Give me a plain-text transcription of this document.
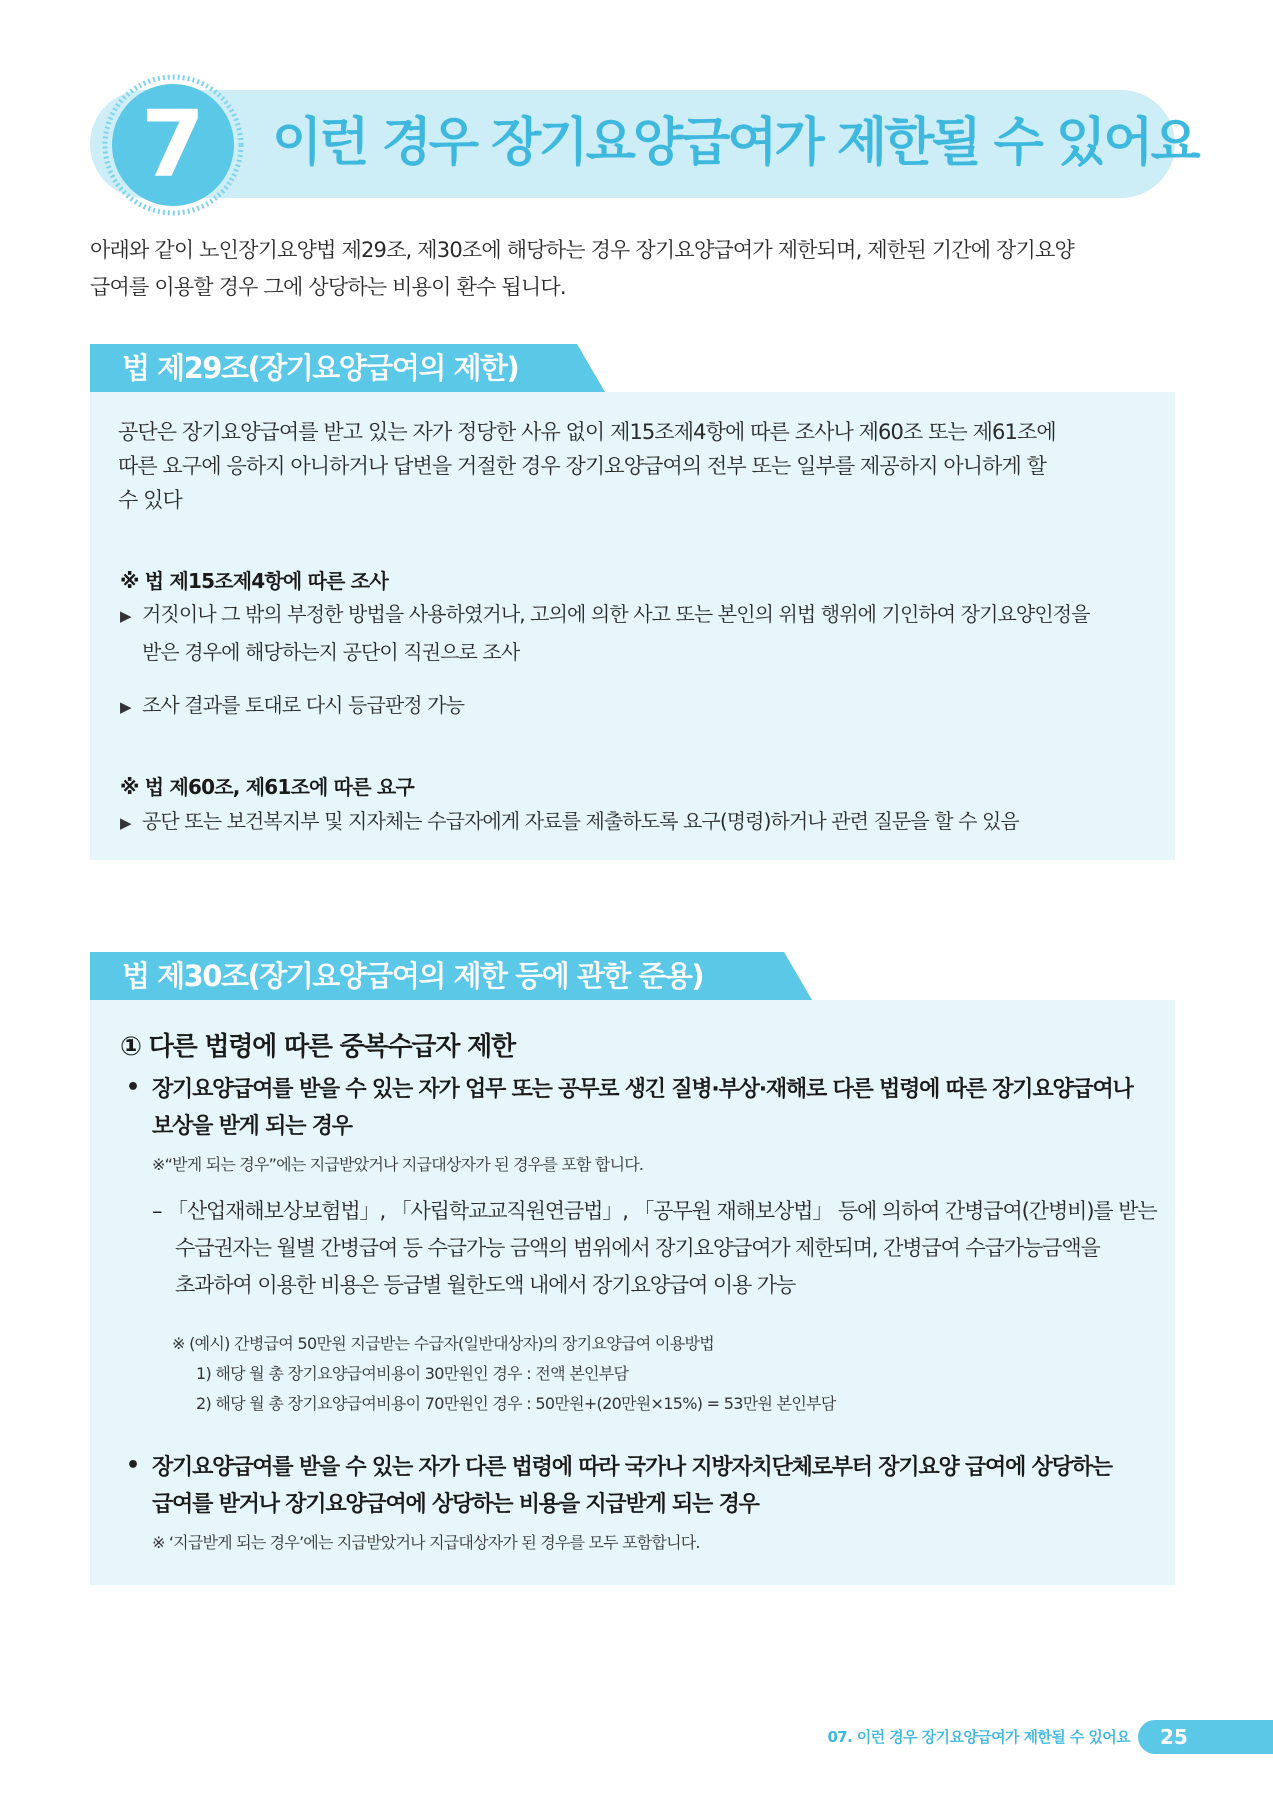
7	이런 경우 장기요양급여가 제한될 수 있어요
아래와 같이 노인장기요양법 제29조, 제30조에 해당하는 경우 장기요양급여가 제한되며, 제한된 기간에 장기요양
급여를 이용할 경우 그에 상당하는 비용이 환수 됩니다.
법 제29조(장기요양급여의 제한)
공단은 장기요양급여를 받고 있는 자가 정당한 사유 없이 제15조제4항에 따른 조사나 제60조 또는 제61조에
따른 요구에 응하지 아니하거나 답변을 거절한 경우 장기요양급여의 전부 또는 일부를 제공하지 아니하게 할
수 있다
※ 법 제15조제4항에 따른 조사
▶ 거짓이나 그 밖의 부정한 방법을 사용하였거나, 고의에 의한 사고 또는 본인의 위법 행위에 기인하여 장기요양인정을
받은 경우에 해당하는지 공단이 직권으로 조사
▶ 조사 결과를 토대로 다시 등급판정 가능
※ 법 제60조, 제61조에 따른 요구
▶ 공단 또는 보건복지부 및 지자체는 수급자에게 자료를 제출하도록 요구(명령)하거나 관련 질문을 할 수 있음
법 제30조(장기요양급여의 제한 등에 관한 준용)
① 다른 법령에 따른 중복수급자 제한
• 장기요양급여를 받을 수 있는 자가 업무 또는 공무로 생긴 질병·부상·재해로 다른 법령에 따른 장기요양급여나
보상을 받게 되는 경우
※“받게 되는 경우”에는 지급받았거나 지급대상자가 된 경우를 포함 합니다.
– 「산업재해보상보험법」, 「사립학교교직원연금법」, 「공무원 재해보상법」 등에 의하여 간병급여(간병비)를 받는
수급권자는 월별 간병급여 등 수급가능 금액의 범위에서 장기요양급여가 제한되며, 간병급여 수급가능금액을
초과하여 이용한 비용은 등급별 월한도액 내에서 장기요양급여 이용 가능
※ (예시) 간병급여 50만원 지급받는 수급자(일반대상자)의 장기요양급여 이용방법
1) 해당 월 총 장기요양급여비용이 30만원인 경우 : 전액 본인부담
2) 해당 월 총 장기요양급여비용이 70만원인 경우 : 50만원+(20만원×15%) = 53만원 본인부담
• 장기요양급여를 받을 수 있는 자가 다른 법령에 따라 국가나 지방자치단체로부터 장기요양 급여에 상당하는
급여를 받거나 장기요양급여에 상당하는 비용을 지급받게 되는 경우
※ ‘지급받게 되는 경우’에는 지급받았거나 지급대상자가 된 경우를 모두 포함합니다.
07. 이런 경우 장기요양급여가 제한될 수 있어요 25
